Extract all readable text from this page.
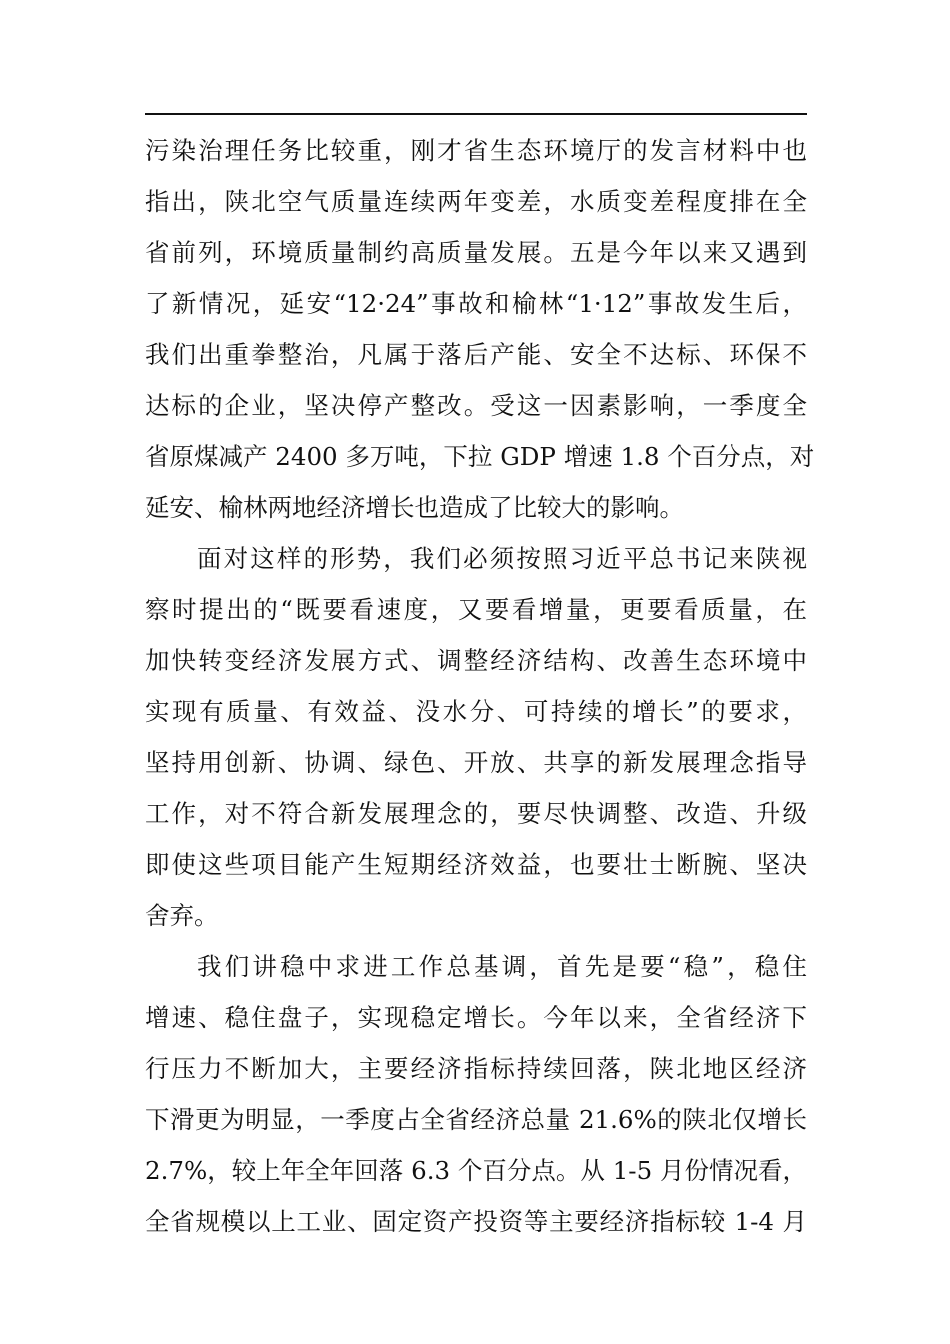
污染治理任务比较重，刚才省生态环境厅的发言材料中也
指出，陕北空气质量连续两年变差，水质变差程度排在全
省前列，环境质量制约高质量发展。五是今年以来又遇到
了新情况，延安“12·24”事故和榆林“1·12”事故发生后，
我们出重拳整治，凡属于落后产能、安全不达标、环保不
达标的企业，坚决停产整改。受这一因素影响，一季度全
省原煤减产 2400 多万吨，下拉 GDP 增速 1.8 个百分点，对
延安、榆林两地经济增长也造成了比较大的影响。
面对这样的形势，我们必须按照习近平总书记来陕视
察时提出的“既要看速度，又要看增量，更要看质量，在
加快转变经济发展方式、调整经济结构、改善生态环境中
实现有质量、有效益、没水分、可持续的增长”的要求，
坚持用创新、协调、绿色、开放、共享的新发展理念指导
工作，对不符合新发展理念的，要尽快调整、改造、升级
即使这些项目能产生短期经济效益，也要壮士断腕、坚决
舍弃。
我们讲稳中求进工作总基调，首先是要“稳”，稳住
增速、稳住盘子，实现稳定增长。今年以来，全省经济下
行压力不断加大，主要经济指标持续回落，陕北地区经济
下滑更为明显，一季度占全省经济总量 21.6%的陕北仅增长
2.7%，较上年全年回落 6.3 个百分点。从 1-5 月份情况看，
全省规模以上工业、固定资产投资等主要经济指标较 1-4 月
